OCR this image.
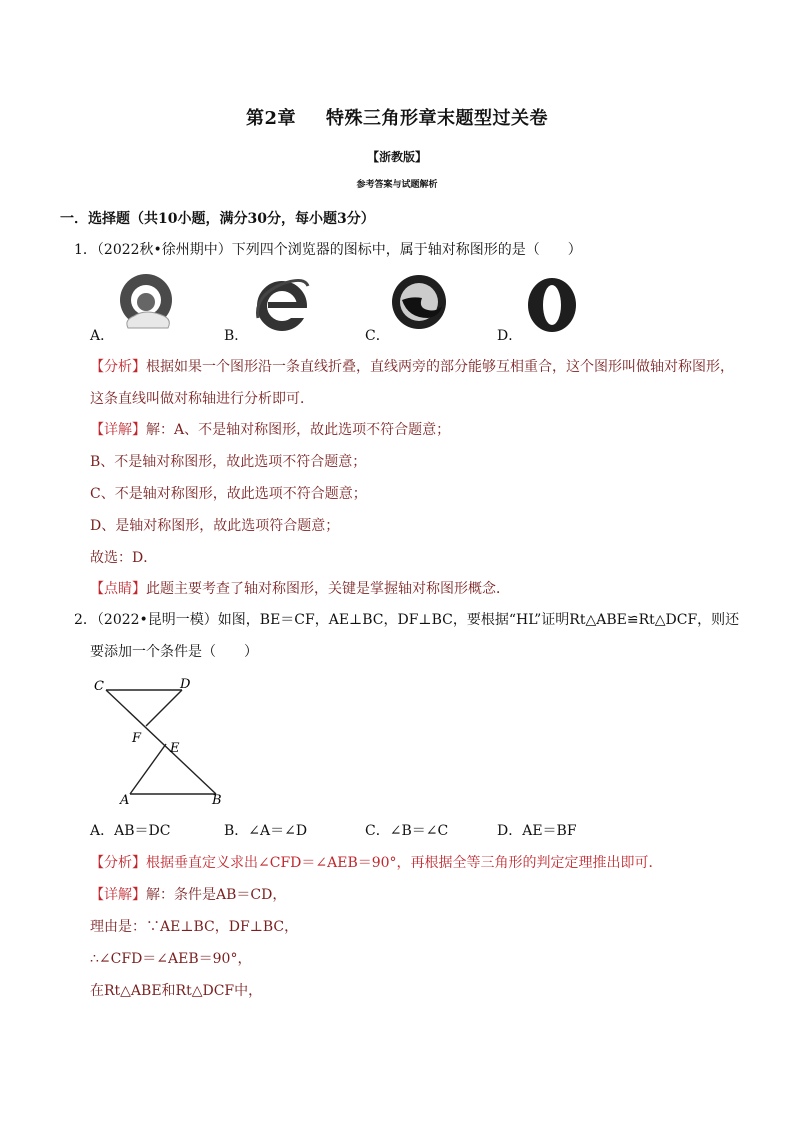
第2章 特殊三角形章末题型过关卷
【浙教版】
参考答案与试题解析
一．选择题（共10小题，满分30分，每小题3分）
1．（2022秋•徐州期中）下列四个浏览器的图标中，属于轴对称图形的是（　　）
A．	B．	C．	D．
【分析】根据如果一个图形沿一条直线折叠，直线两旁的部分能够互相重合，这个图形叫做轴对称图形，
这条直线叫做对称轴进行分析即可．
【详解】解：A、不是轴对称图形，故此选项不符合题意；
B、不是轴对称图形，故此选项不符合题意；
C、不是轴对称图形，故此选项不符合题意；
D、是轴对称图形，故此选项符合题意；
故选：D．
【点睛】此题主要考查了轴对称图形，关键是掌握轴对称图形概念．
2．（2022•昆明一模）如图，BE＝CF，AE⊥BC，DF⊥BC，要根据“HL”证明Rt△ABE≌Rt△DCF，则还
要添加一个条件是（　　）
C	D
F
E
A	B
A．AB＝DC	B．∠A＝∠D	C．∠B＝∠C	D．AE＝BF
【分析】根据垂直定义求出∠CFD＝∠AEB＝90°，再根据全等三角形的判定定理推出即可．
【详解】解：条件是AB＝CD，
理由是：∵AE⊥BC，DF⊥BC，
∴∠CFD＝∠AEB＝90°，
在Rt△ABE和Rt△DCF中，
